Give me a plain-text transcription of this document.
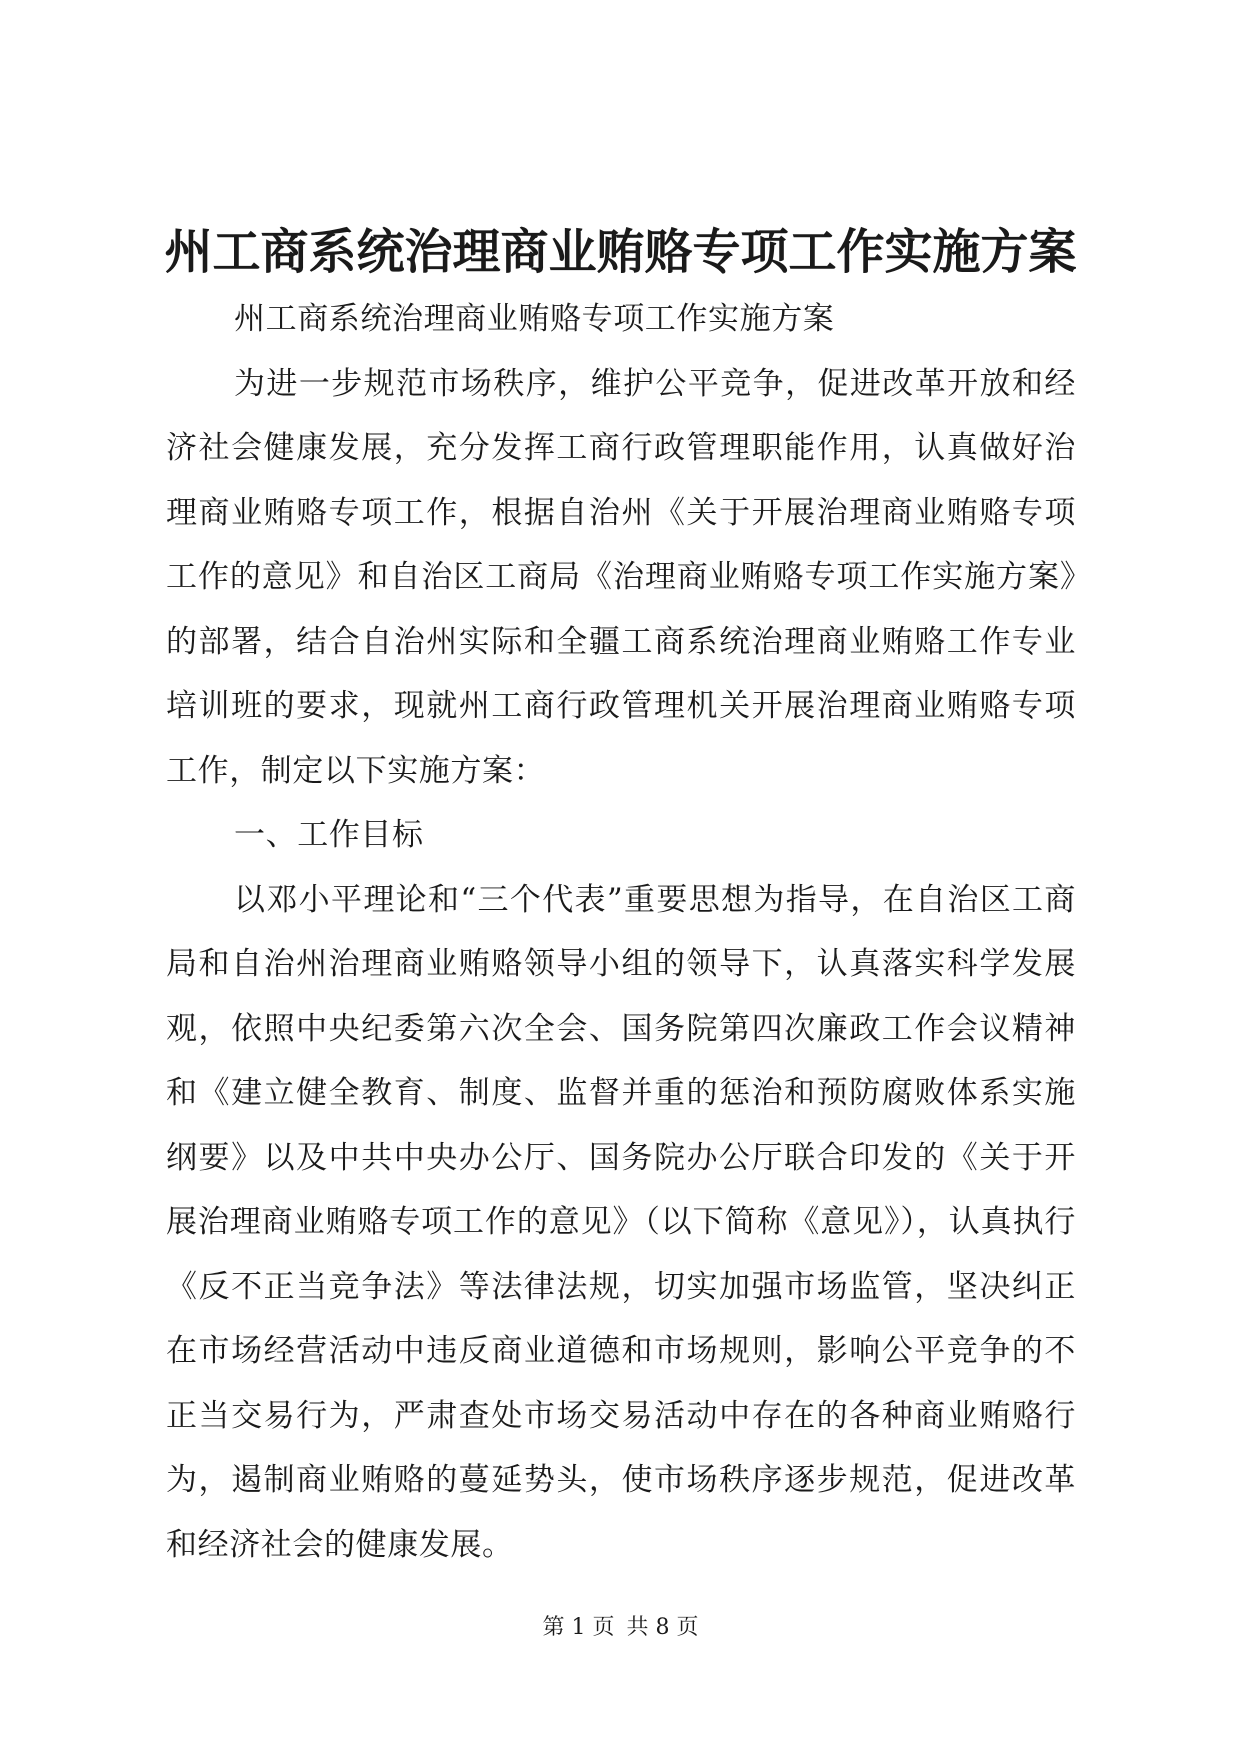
州工商系统治理商业贿赂专项工作实施方案

州工商系统治理商业贿赂专项工作实施方案

为进一步规范市场秩序，维护公平竞争，促进改革开放和经济社会健康发展，充分发挥工商行政管理职能作用，认真做好治理商业贿赂专项工作，根据自治州《关于开展治理商业贿赂专项工作的意见》和自治区工商局《治理商业贿赂专项工作实施方案》的部署，结合自治州实际和全疆工商系统治理商业贿赂工作专业培训班的要求，现就州工商行政管理机关开展治理商业贿赂专项工作，制定以下实施方案：

一、工作目标

以邓小平理论和“三个代表”重要思想为指导，在自治区工商局和自治州治理商业贿赂领导小组的领导下，认真落实科学发展观，依照中央纪委第六次全会、国务院第四次廉政工作会议精神和《建立健全教育、制度、监督并重的惩治和预防腐败体系实施纲要》以及中共中央办公厅、国务院办公厅联合印发的《关于开展治理商业贿赂专项工作的意见》（以下简称《意见》），认真执行《反不正当竞争法》等法律法规，切实加强市场监管，坚决纠正在市场经营活动中违反商业道德和市场规则，影响公平竞争的不正当交易行为，严肃查处市场交易活动中存在的各种商业贿赂行为，遏制商业贿赂的蔓延势头，使市场秩序逐步规范，促进改革和经济社会的健康发展。

第 1 页 共 8 页
